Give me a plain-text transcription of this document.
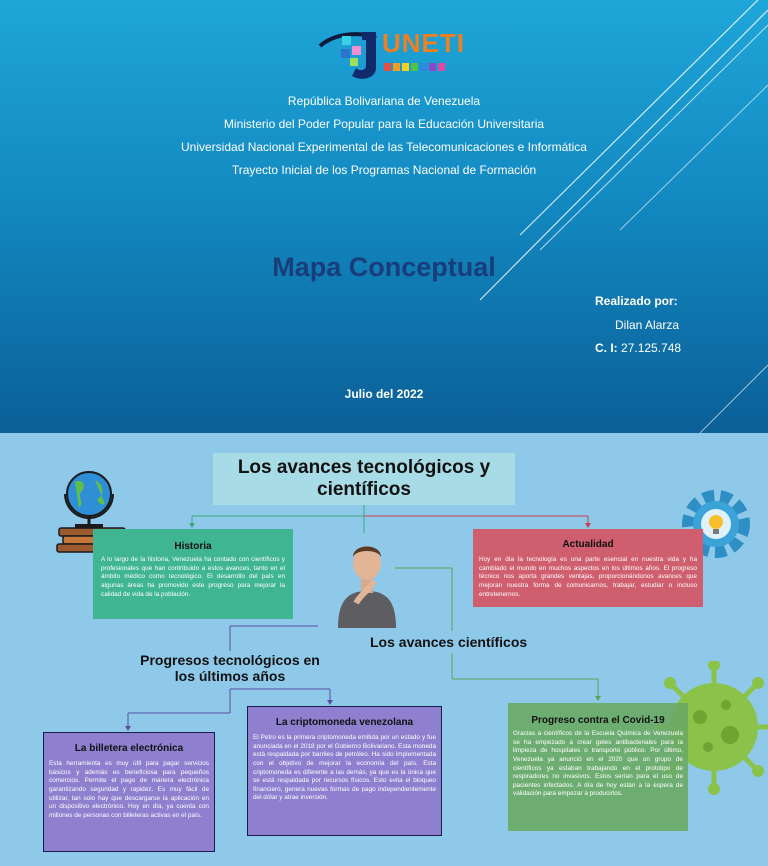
UNETI
República Bolivariana de Venezuela
Ministerio del Poder Popular para la Educación Universitaria
Universidad Nacional Experimental de las Telecomunicaciones e Informática
Trayecto Inicial de los Programas Nacional de Formación
Mapa Conceptual
Realizado por:
Dilan Alarza
C. I: 27.125.748
Julio del 2022
Los avances tecnológicos y
científicos
Historia

A lo largo de la historia, Venezuela ha contado con científicos y profesionales que han contribuido a estos avances, tanto en el ámbito médico como tecnológico. El desarrollo del país en algunas áreas ha promovido este progreso para mejorar la calidad de vida de la población.

Actualidad

Hoy en día la tecnología es una parte esencial en nuestra vida y ha cambiado el mundo en muchos aspectos en los últimos años. El progreso técnico nos aporta grandes ventajas, proporcionándonos avances que mejoran nuestra forma de comunicarnos, trabajar, estudiar o incluso entretenernos.

Los avances científicos
Progresos tecnológicos en
los últimos años
La billetera electrónica

Esta herramienta es muy útil para pagar servicios básicos y además es beneficiosa para pequeños comercios. Permite el pago de manera electrónica garantizando seguridad y rapidez. Es muy fácil de utilizar, tan solo hay que descargarse la aplicación en un dispositivo electrónico. Hoy en día, ya cuenta con millones de personas con billeteras activas en el país.

La criptomoneda venezolana

El Petro es la primera criptomoneda emitida por un estado y fue anunciada en el 2018 por el Gobierno Bolivariano. Esta moneda está respaldada por barriles de petróleo. Ha sido implementada con el objetivo de mejorar la economía del país. Esta criptomoneda es diferente a las demás, ya que es la única que se está respaldada por recursos físicos. Esto evita el bloqueo financiero, genera nuevas formas de pago independientemente del dólar y atrae inversión.

Progreso contra el Covid-19

Gracias a científicos de la Escuela Química de Venezuela se ha empezado a crear geles antibacteriales para la limpieza de hospitales o transporte público. Por último, Venezuela ya anunció en el 2020 que un grupo de científicos ya estaban trabajando en el prototipo de respiradores no invasivos. Estos serían para el uso de pacientes infectados. A día de hoy están a la espera de validación para empezar a producirlos.
